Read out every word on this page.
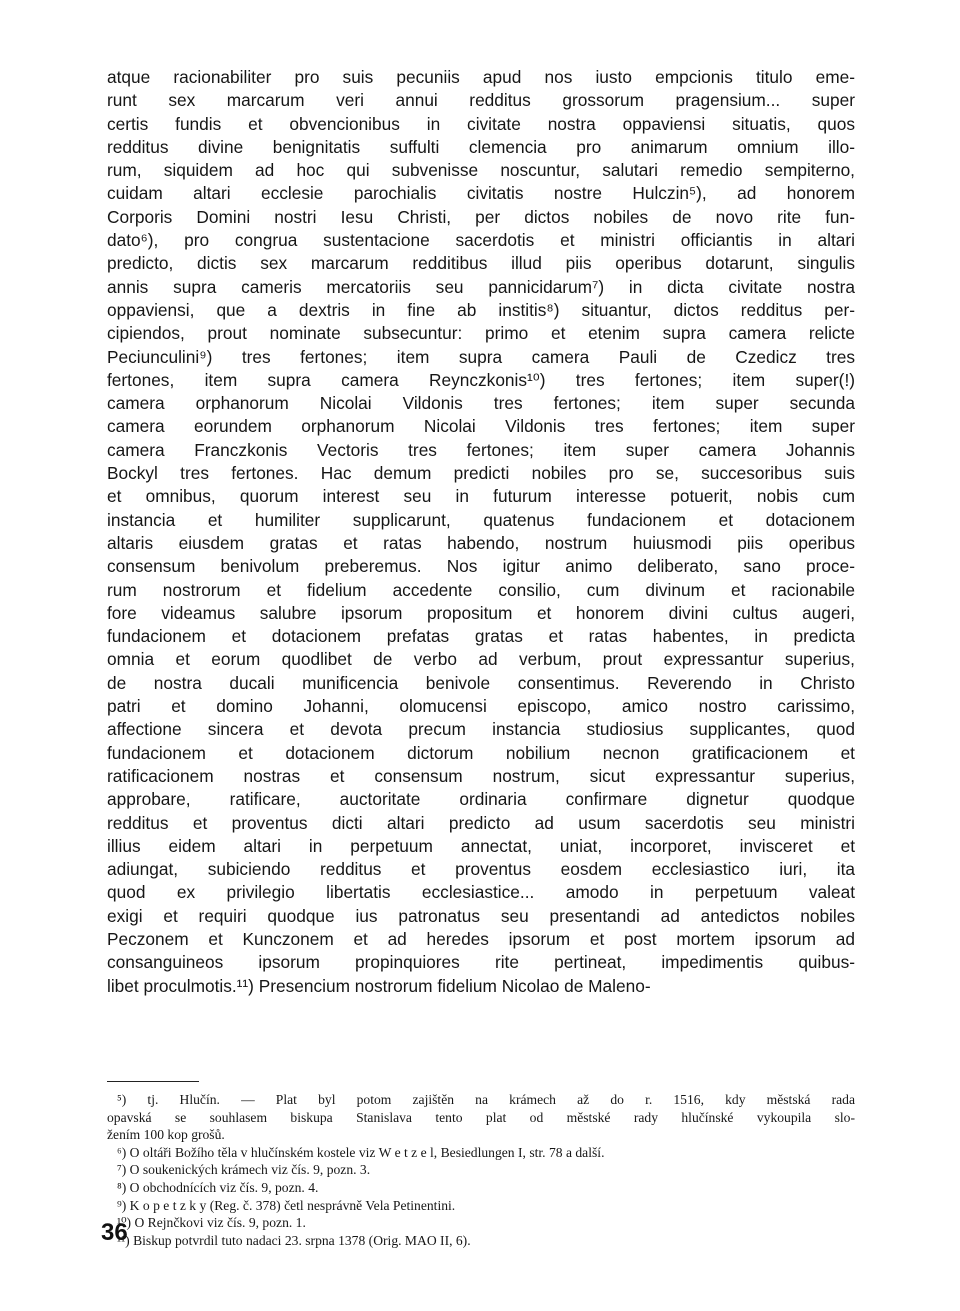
atque racionabiliter pro suis pecuniis apud nos iusto empcionis titulo eme-
runt sex marcarum veri annui redditus grossorum pragensium... super
certis fundis et obvencionibus in civitate nostra oppaviensi situatis, quos
redditus divine benignitatis suffulti clemencia pro animarum omnium illo-
rum, siquidem ad hoc qui subvenisse noscuntur, salutari remedio sempiterno,
cuidam altari ecclesie parochialis civitatis nostre Hulczin⁵), ad honorem
Corporis Domini nostri Iesu Christi, per dictos nobiles de novo rite fun-
dato⁶), pro congrua sustentacione sacerdotis et ministri officiantis in altari
predicto, dictis sex marcarum redditibus illud piis operibus dotarunt, singulis
annis supra cameris mercatoriis seu pannicidarum⁷) in dicta civitate nostra
oppaviensi, que a dextris in fine ab institis⁸) situantur, dictos redditus per-
cipiendos, prout nominate subsecuntur: primo et etenim supra camera relicte
Peciunculini⁹) tres fertones; item supra camera Pauli de Czedicz tres
fertones, item supra camera Reynczkonis¹⁰) tres fertones; item super(!)
camera orphanorum Nicolai Vildonis tres fertones; item super secunda
camera eorundem orphanorum Nicolai Vildonis tres fertones; item super
camera Franczkonis Vectoris tres fertones; item super camera Johannis
Bockyl tres fertones. Hac demum predicti nobiles pro se, succesoribus suis
et omnibus, quorum interest seu in futurum interesse potuerit, nobis cum
instancia et humiliter supplicarunt, quatenus fundacionem et dotacionem
altaris eiusdem gratas et ratas habendo, nostrum huiusmodi piis operibus
consensum benivolum preberemus. Nos igitur animo deliberato, sano proce-
rum nostrorum et fidelium accedente consilio, cum divinum et racionabile
fore videamus salubre ipsorum propositum et honorem divini cultus augeri,
fundacionem et dotacionem prefatas gratas et ratas habentes, in predicta
omnia et eorum quodlibet de verbo ad verbum, prout expressantur superius,
de nostra ducali munificencia benivole consentimus. Reverendo in Christo
patri et domino Johanni, olomucensi episcopo, amico nostro carissimo,
affectione sincera et devota precum instancia studiosius supplicantes, quod
fundacionem et dotacionem dictorum nobilium necnon gratificacionem et
ratificacionem nostras et consensum nostrum, sicut expressantur superius,
approbare, ratificare, auctoritate ordinaria confirmare dignetur quodque
redditus et proventus dicti altari predicto ad usum sacerdotis seu ministri
illius eidem altari in perpetuum annectat, uniat, incorporet, invisceret et
adiungat, subiciendo redditus et proventus eosdem ecclesiastico iuri, ita
quod ex privilegio libertatis ecclesiastice... amodo in perpetuum valeat
exigi et requiri quodque ius patronatus seu presentandi ad antedictos nobiles
Peczonem et Kunczonem et ad heredes ipsorum et post mortem ipsorum ad
consanguineos ipsorum propinquiores rite pertineat, impedimentis quibus-
libet proculmotis.¹¹) Presencium nostrorum fidelium Nicolao de Maleno-
⁵) tj. Hlučín. — Plat byl potom zajištěn na krámech až do r. 1516, kdy městská rada
opavská se souhlasem biskupa Stanislava tento plat od městské rady hlučínské vykoupila slo-
žením 100 kop grošů.
⁶) O oltáři Božího těla v hlučínském kostele viz W e t z e l, Besiedlungen I, str. 78 a další.
⁷) O soukenických krámech viz čís. 9, pozn. 3.
⁸) O obchodnících viz čís. 9, pozn. 4.
⁹) K o p e t z k y (Reg. č. 378) četl nesprávně Vela Petinentini.
¹⁰) O Rejnčkovi viz čís. 9, pozn. 1.
¹¹) Biskup potvrdil tuto nadaci 23. srpna 1378 (Orig. MAO II, 6).
36
